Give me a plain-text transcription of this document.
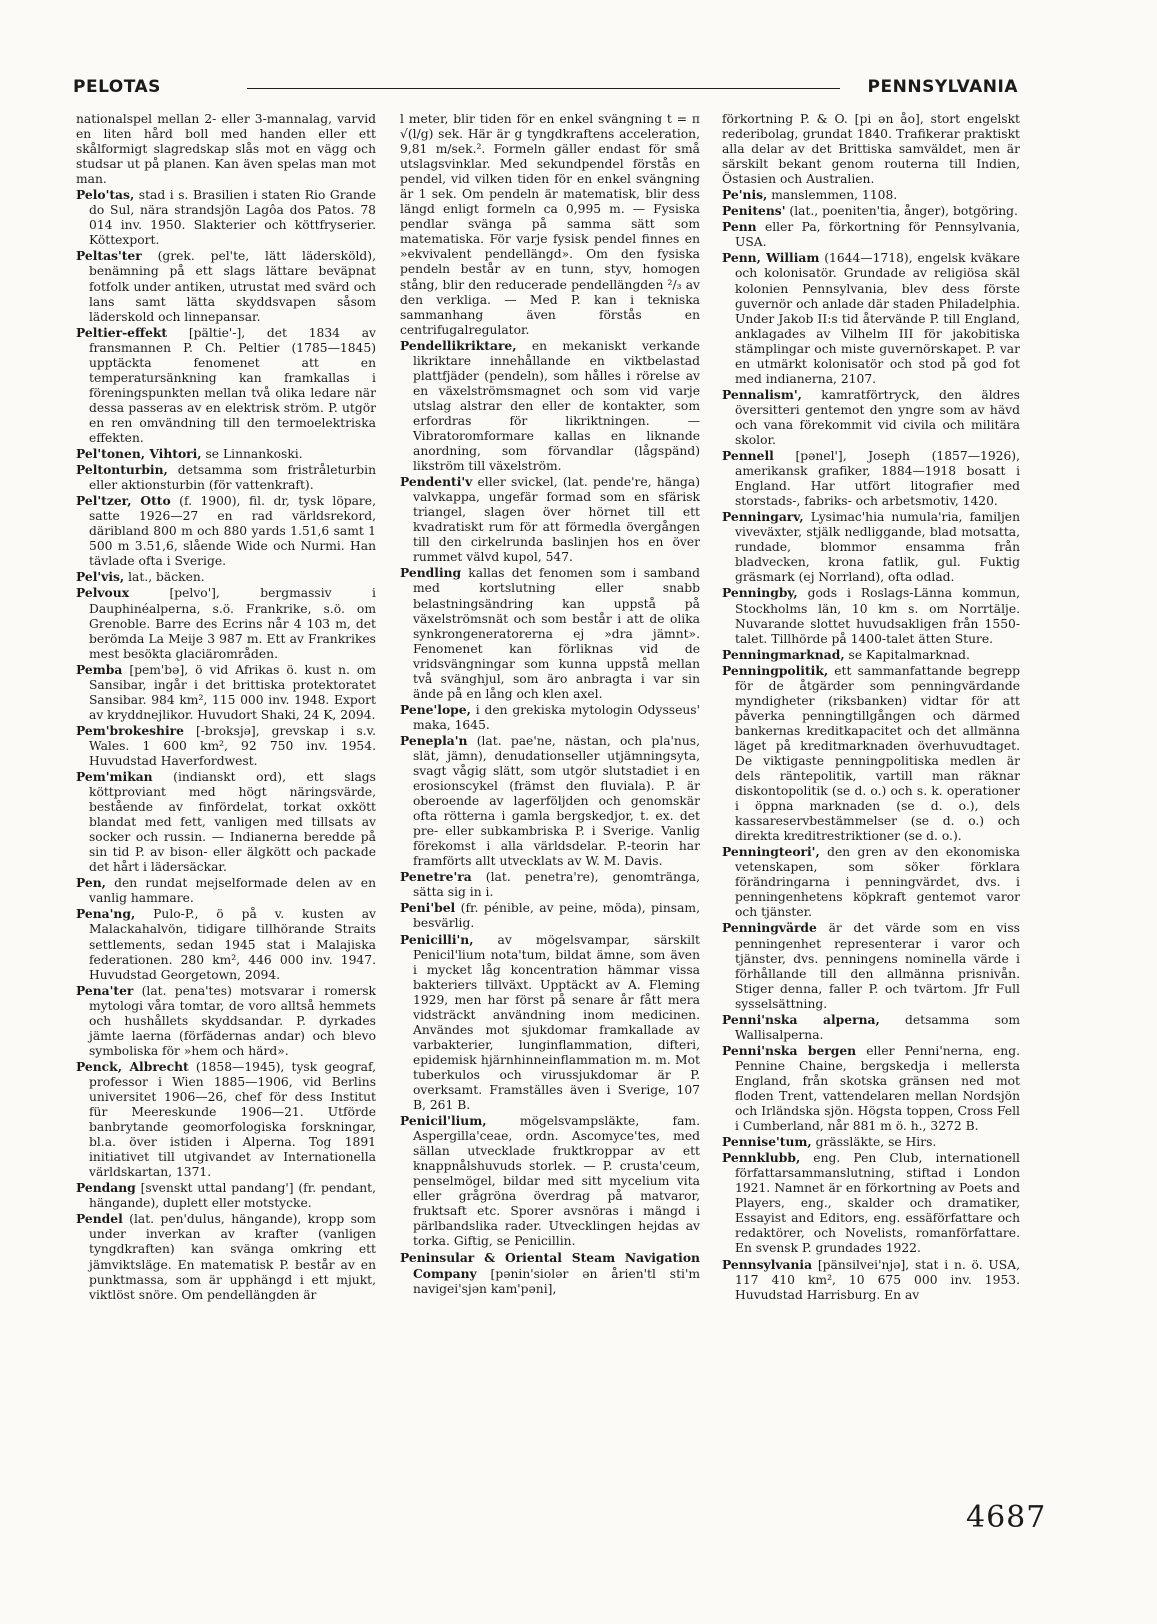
PELOTAS	PENNSYLVANIA
nationalspel mellan 2- eller 3-mannalag, varvid en liten hård boll med handen eller ett skålformigt slagredskap slås mot en vägg och studsar ut på planen. Kan även spelas man mot man.
Pelo'tas, stad i s. Brasilien i staten Rio Grande do Sul, nära strandsjön Lagôa dos Patos. 78 014 inv. 1950. Slakterier och köttfryserier. Köttexport.
Peltas'ter (grek. pel'te, lätt lädersköld), benämning på ett slags lättare beväpnat fotfolk under antiken, utrustat med svärd och lans samt lätta skyddsvapen såsom läderskold och linnepansar.
Peltier-effekt [pältie'-], det 1834 av fransmannen P. Ch. Peltier (1785—1845) upptäckta fenomenet att en temperatursänkning kan framkallas i föreningspunkten mellan två olika ledare när dessa passeras av en elektrisk ström. P. utgör en ren omvändning till den termoelektriska effekten.
Pel'tonen, Vihtori, se Linnankoski.
Peltonturbin, detsamma som fristråleturbin eller aktionsturbin (för vattenkraft).
Pel'tzer, Otto (f. 1900), fil. dr, tysk löpare, satte 1926—27 en rad världsrekord, däribland 800 m och 880 yards 1.51,6 samt 1 500 m 3.51,6, slående Wide och Nurmi. Han tävlade ofta i Sverige.
Pel'vis, lat., bäcken.
Pelvoux [pelvo'], bergmassiv i Dauphinéalperna, s.ö. Frankrike, s.ö. om Grenoble. Barre des Ecrins når 4 103 m, det berömda La Meije 3 987 m. Ett av Frankrikes mest besökta glaciärområden.
Pemba [pem'bə], ö vid Afrikas ö. kust n. om Sansibar, ingår i det brittiska protektoratet Sansibar. 984 km², 115 000 inv. 1948. Export av kryddnejlikor. Huvudort Shaki, 24 K, 2094.
Pem'brokeshire [-broksjə], grevskap i s.v. Wales. 1 600 km², 92 750 inv. 1954. Huvudstad Haverfordwest.
Pem'mikan (indianskt ord), ett slags köttproviant med högt näringsvärde, bestående av finfördelat, torkat oxkött blandat med fett, vanligen med tillsats av socker och russin. — Indianerna beredde på sin tid P. av bison- eller älgkött och packade det hårt i lädersäckar.
Pen, den rundat mejselformade delen av en vanlig hammare.
Pena'ng, Pulo-P., ö på v. kusten av Malackahalvön, tidigare tillhörande Straits settlements, sedan 1945 stat i Malajiska federationen. 280 km², 446 000 inv. 1947. Huvudstad Georgetown, 2094.
Pena'ter (lat. pena'tes) motsvarar i romersk mytologi våra tomtar, de voro alltså hemmets och hushållets skyddsandar. P. dyrkades jämte laerna (förfädernas andar) och blevo symboliska för »hem och härd».
Penck, Albrecht (1858—1945), tysk geograf, professor i Wien 1885—1906, vid Berlins universitet 1906—26, chef för dess Institut für Meereskunde 1906—21. Utförde banbrytande geomorfologiska forskningar, bl.a. över istiden i Alperna. Tog 1891 initiativet till utgivandet av Internationella världskartan, 1371.
Pendang [svenskt uttal pandang'] (fr. pendant, hängande), duplett eller motstycke.
Pendel (lat. pen'dulus, hängande), kropp som under inverkan av krafter (vanligen tyngdkraften) kan svänga omkring ett jämviktsläge. En matematisk P. består av en punktmassa, som är upphängd i ett mjukt, viktlöst snöre. Om pendellängden är
l meter, blir tiden för en enkel svängning t = π √(l/g) sek. Här är g tyngdkraftens acceleration, 9,81 m/sek.². Formeln gäller endast för små utslagsvinklar. Med sekundpendel förstås en pendel, vid vilken tiden för en enkel svängning är 1 sek. Om pendeln är matematisk, blir dess längd enligt formeln ca 0,995 m. — Fysiska pendlar svänga på samma sätt som matematiska. För varje fysisk pendel finnes en »ekvivalent pendellängd». Om den fysiska pendeln består av en tunn, styv, homogen stång, blir den reducerade pendellängden ²/₃ av den verkliga. — Med P. kan i tekniska sammanhang även förstås en centrifugalregulator.
Pendellikriktare, en mekaniskt verkande likriktare innehållande en viktbelastad plattfjäder (pendeln), som hålles i rörelse av en växelströmsmagnet och som vid varje utslag alstrar den eller de kontakter, som erfordras för likriktningen. — Vibratoromformare kallas en liknande anordning, som förvandlar (lågspänd) likström till växelström.
Pendenti'v eller svickel, (lat. pende're, hänga) valvkappa, ungefär formad som en sfärisk triangel, slagen över hörnet till ett kvadratiskt rum för att förmedla övergången till den cirkelrunda baslinjen hos en över rummet välvd kupol, 547.
Pendling kallas det fenomen som i samband med kortslutning eller snabb belastningsändring kan uppstå på växelströmsnät och som består i att de olika synkrongeneratorerna ej »dra jämnt». Fenomenet kan förliknas vid de vridsvängningar som kunna uppstå mellan två svänghjul, som äro anbragta i var sin ände på en lång och klen axel.
Pene'lope, i den grekiska mytologin Odysseus' maka, 1645.
Penepla'n (lat. pae'ne, nästan, och pla'nus, slät, jämn), denudationseller utjämningsyta, svagt vågig slätt, som utgör slutstadiet i en erosionscykel (främst den fluviala). P. är oberoende av lagerföljden och genomskär ofta rötterna i gamla bergskedjor, t. ex. det pre- eller subkambriska P. i Sverige. Vanlig förekomst i alla världsdelar. P.-teorin har framförts allt utvecklats av W. M. Davis.
Penetre'ra (lat. penetra're), genomtränga, sätta sig in i.
Peni'bel (fr. pénible, av peine, möda), pinsam, besvärlig.
Penicilli'n, av mögelsvampar, särskilt Penicil'lium nota'tum, bildat ämne, som även i mycket låg koncentration hämmar vissa bakteriers tillväxt. Upptäckt av A. Fleming 1929, men har först på senare år fått mera vidsträckt användning inom medicinen. Användes mot sjukdomar framkallade av varbakterier, lunginflammation, difteri, epidemisk hjärnhinneinflammation m. m. Mot tuberkulos och virussjukdomar är P. overksamt. Framställes även i Sverige, 107 B, 261 B.
Penicil'lium, mögelsvampsläkte, fam. Aspergilla'ceae, ordn. Ascomyce'tes, med sällan utvecklade fruktkroppar av ett knappnålshuvuds storlek. — P. crusta'ceum, penselmögel, bildar med sitt mycelium vita eller grågröna överdrag på matvaror, fruktsaft etc. Sporer avsnöras i mängd i pärlbandslika rader. Utvecklingen hejdas av torka. Giftig, se Penicillin.
Peninsular & Oriental Steam Navigation Company [pənin'siolər ən årien'tl sti'm navigei'sjən kam'pəni],
förkortning P. & O. [pi ən åo], stort engelskt rederibolag, grundat 1840. Trafikerar praktiskt alla delar av det Brittiska samväldet, men är särskilt bekant genom routerna till Indien, Östasien och Australien.
Pe'nis, manslemmen, 1108.
Penitens' (lat., poeniten'tia, ånger), botgöring.
Penn eller Pa, förkortning för Pennsylvania, USA.
Penn, William (1644—1718), engelsk kväkare och kolonisatör. Grundade av religiösa skäl kolonien Pennsylvania, blev dess förste guvernör och anlade där staden Philadelphia. Under Jakob II:s tid återvände P. till England, anklagades av Vilhelm III för jakobitiska stämplingar och miste guvernörskapet. P. var en utmärkt kolonisatör och stod på god fot med indianerna, 2107.
Pennalism', kamratförtryck, den äldres översitteri gentemot den yngre som av hävd och vana förekommit vid civila och militära skolor.
Pennell [pənel'], Joseph (1857—1926), amerikansk grafiker, 1884—1918 bosatt i England. Har utfört litografier med storstads-, fabriks- och arbetsmotiv, 1420.
Penningarv, Lysimac'hia numula'ria, familjen viveväxter, stjälk nedliggande, blad motsatta, rundade, blommor ensamma från bladvecken, krona fatlik, gul. Fuktig gräsmark (ej Norrland), ofta odlad.
Penningby, gods i Roslags-Länna kommun, Stockholms län, 10 km s. om Norrtälje. Nuvarande slottet huvudsakligen från 1550-talet. Tillhörde på 1400-talet ätten Sture.
Penningmarknad, se Kapitalmarknad.
Penningpolitik, ett sammanfattande begrepp för de åtgärder som penningvärdande myndigheter (riksbanken) vidtar för att påverka penningtillgången och därmed bankernas kreditkapacitet och det allmänna läget på kreditmarknaden överhuvudtaget. De viktigaste penningpolitiska medlen är dels räntepolitik, vartill man räknar diskontopolitik (se d. o.) och s. k. operationer i öppna marknaden (se d. o.), dels kassareservbestämmelser (se d. o.) och direkta kreditrestriktioner (se d. o.).
Penningteori', den gren av den ekonomiska vetenskapen, som söker förklara förändringarna i penningvärdet, dvs. i penningenhetens köpkraft gentemot varor och tjänster.
Penningvärde är det värde som en viss penningenhet representerar i varor och tjänster, dvs. penningens nominella värde i förhållande till den allmänna prisnivån. Stiger denna, faller P. och tvärtom. Jfr Full sysselsättning.
Penni'nska alperna, detsamma som Wallisalperna.
Penni'nska bergen eller Penni'nerna, eng. Pennine Chaine, bergskedja i mellersta England, från skotska gränsen ned mot floden Trent, vattendelaren mellan Nordsjön och Irländska sjön. Högsta toppen, Cross Fell i Cumberland, når 881 m ö. h., 3272 B.
Pennise'tum, grässläkte, se Hirs.
Pennklubb, eng. Pen Club, internationell författarsammanslutning, stiftad i London 1921. Namnet är en förkortning av Poets and Players, eng., skalder och dramatiker, Essayist and Editors, eng. essäförfattare och redaktörer, och Novelists, romanförfattare. En svensk P. grundades 1922.
Pennsylvania [pänsilvei'njə], stat i n. ö. USA, 117 410 km², 10 675 000 inv. 1953. Huvudstad Harrisburg. En av
4687
